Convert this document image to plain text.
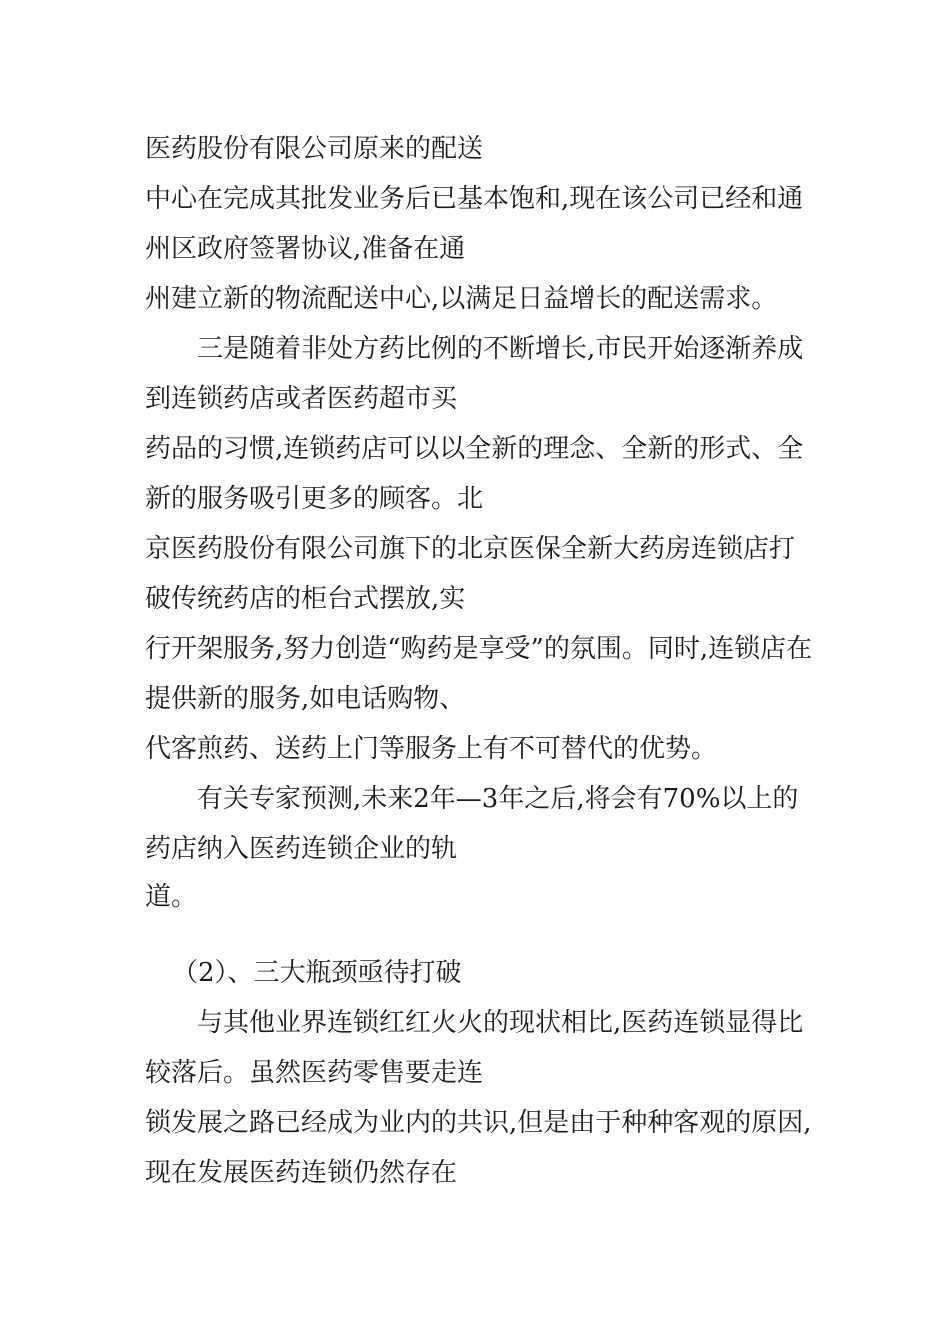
医药股份有限公司原来的配送

中心在完成其批发业务后已基本饱和,现在该公司已经和通

州区政府签署协议,准备在通

州建立新的物流配送中心,以满足日益增长的配送需求。

三是随着非处方药比例的不断增长,市民开始逐渐养成

到连锁药店或者医药超市买

药品的习惯,连锁药店可以以全新的理念、全新的形式、全

新的服务吸引更多的顾客。北

京医药股份有限公司旗下的北京医保全新大药房连锁店打

破传统药店的柜台式摆放,实

行开架服务,努力创造“购药是享受”的氛围。同时,连锁店在

提供新的服务,如电话购物、

代客煎药、送药上门等服务上有不可替代的优势。

有关专家预测,未来2年—3年之后,将会有70%以上的

药店纳入医药连锁企业的轨

道。

（2）、三大瓶颈亟待打破

与其他业界连锁红红火火的现状相比,医药连锁显得比

较落后。虽然医药零售要走连

锁发展之路已经成为业内的共识,但是由于种种客观的原因,

现在发展医药连锁仍然存在
